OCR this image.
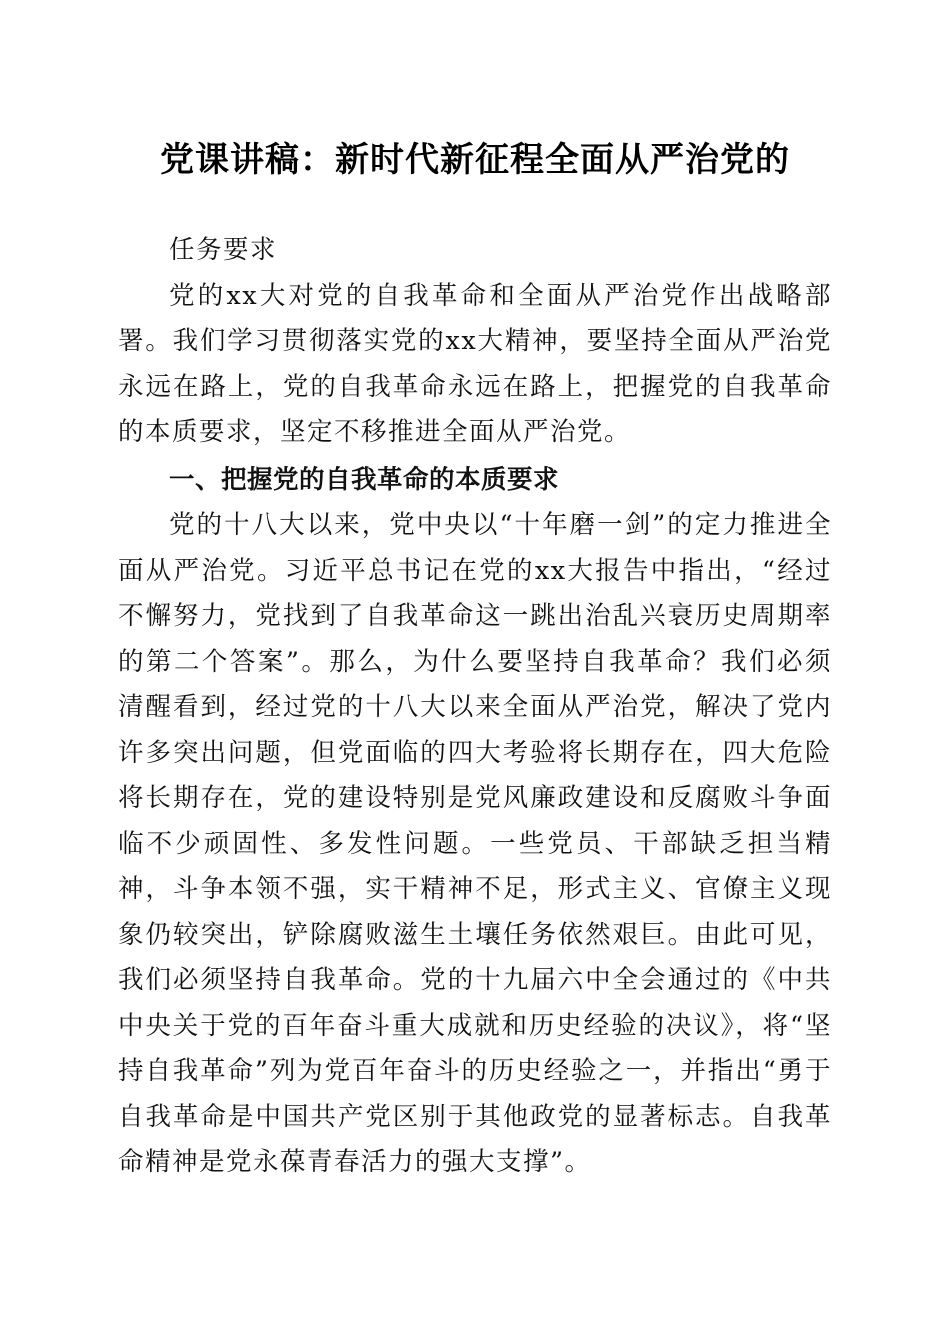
党课讲稿：新时代新征程全面从严治党的

任务要求

党的xx大对党的自我革命和全面从严治党作出战略部署。我们学习贯彻落实党的xx大精神，要坚持全面从严治党永远在路上，党的自我革命永远在路上，把握党的自我革命的本质要求，坚定不移推进全面从严治党。

一、把握党的自我革命的本质要求

党的十八大以来，党中央以“十年磨一剑”的定力推进全面从严治党。习近平总书记在党的xx大报告中指出，“经过不懈努力，党找到了自我革命这一跳出治乱兴衰历史周期率的第二个答案”。那么，为什么要坚持自我革命？我们必须清醒看到，经过党的十八大以来全面从严治党，解决了党内许多突出问题，但党面临的四大考验将长期存在，四大危险将长期存在，党的建设特别是党风廉政建设和反腐败斗争面临不少顽固性、多发性问题。一些党员、干部缺乏担当精神，斗争本领不强，实干精神不足，形式主义、官僚主义现象仍较突出，铲除腐败滋生土壤任务依然艰巨。由此可见，我们必须坚持自我革命。党的十九届六中全会通过的《中共中央关于党的百年奋斗重大成就和历史经验的决议》，将“坚持自我革命”列为党百年奋斗的历史经验之一，并指出“勇于自我革命是中国共产党区别于其他政党的显著标志。自我革命精神是党永葆青春活力的强大支撑”。
